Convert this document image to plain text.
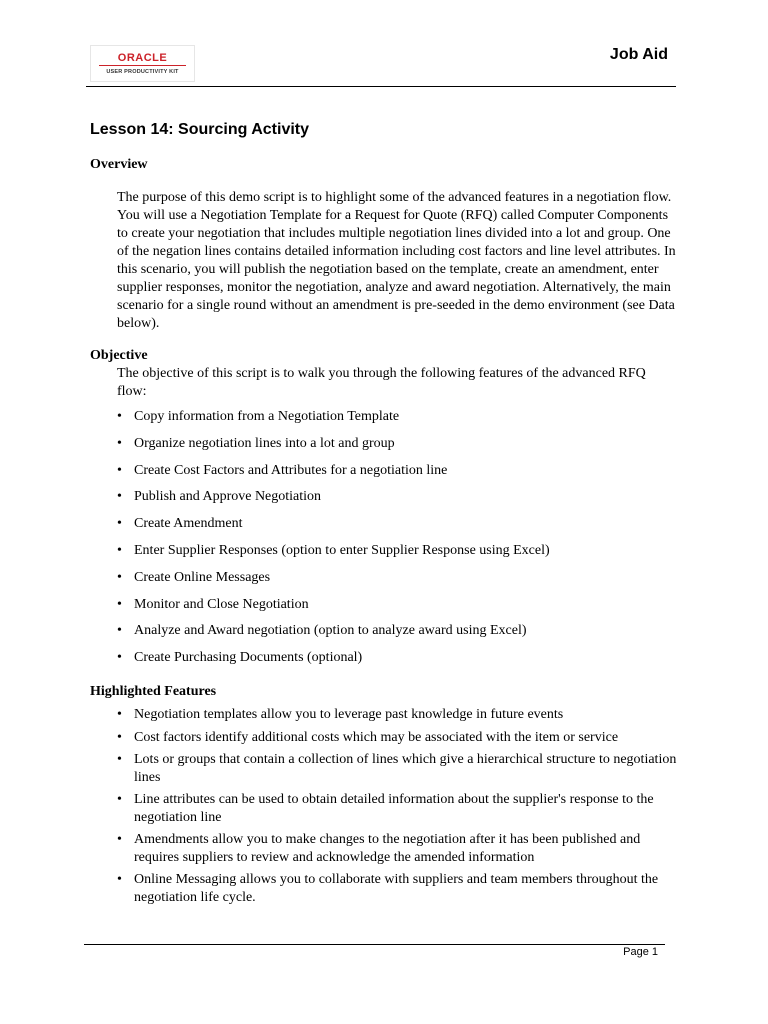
ORACLE
USER PRODUCTIVITY KIT
Job Aid
Lesson 14: Sourcing Activity
Overview

The purpose of this demo script is to highlight some of the advanced features in a negotiation flow. You will use a Negotiation Template for a Request for Quote (RFQ) called Computer Components to create your negotiation that includes multiple negotiation lines divided into a lot and group. One of the negation lines contains detailed information including cost factors and line level attributes. In this scenario, you will publish the negotiation based on the template, create an amendment, enter supplier responses, monitor the negotiation, analyze and award negotiation. Alternatively, the main scenario for a single round without an amendment is pre-seeded in the demo environment (see Data below).

Objective

The objective of this script is to walk you through the following features of the advanced RFQ flow:

• Copy information from a Negotiation Template
• Organize negotiation lines into a lot and group
• Create Cost Factors and Attributes for a negotiation line
• Publish and Approve Negotiation
• Create Amendment
• Enter Supplier Responses (option to enter Supplier Response using Excel)
• Create Online Messages
• Monitor and Close Negotiation
• Analyze and Award negotiation (option to analyze award using Excel)
• Create Purchasing Documents (optional)
Highlighted Features
• Negotiation templates allow you to leverage past knowledge in future events
• Cost factors identify additional costs which may be associated with the item or service
• Lots or groups that contain a collection of lines which give a hierarchical structure to negotiation lines
• Line attributes can be used to obtain detailed information about the supplier's response to the negotiation line
• Amendments allow you to make changes to the negotiation after it has been published and requires suppliers to review and acknowledge the amended information
• Online Messaging allows you to collaborate with suppliers and team members throughout the negotiation life cycle.
Page 1
